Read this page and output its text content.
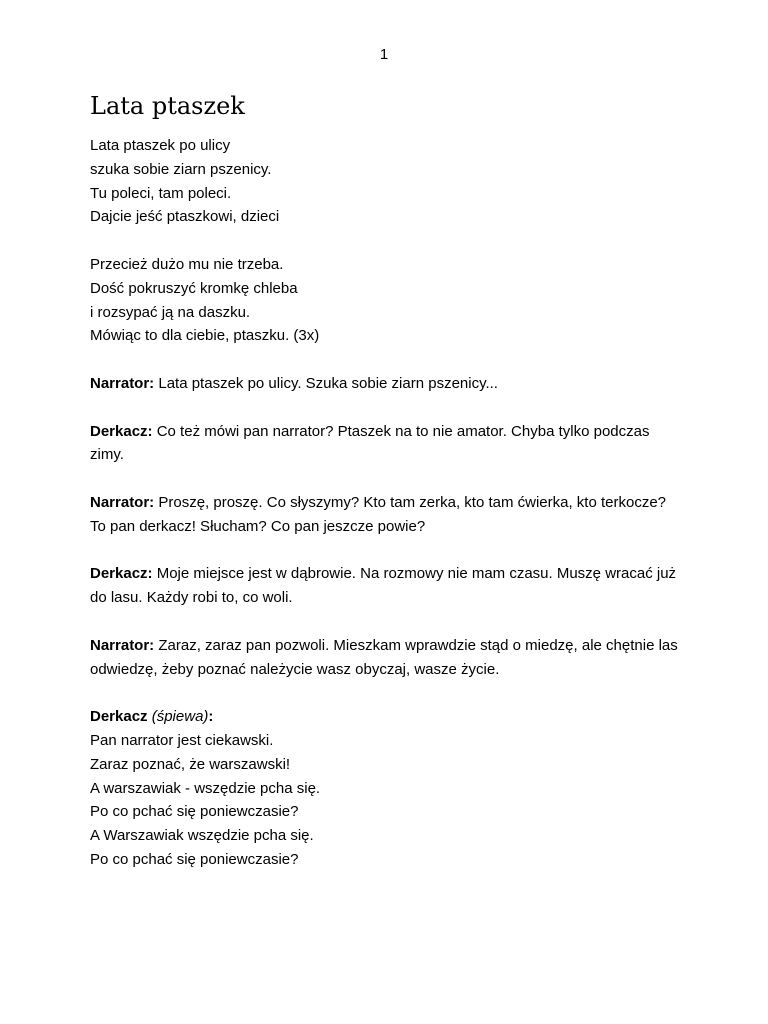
1
Lata ptaszek
Lata ptaszek po ulicy
szuka sobie ziarn pszenicy.
Tu poleci, tam poleci.
Dajcie jeść ptaszkowi, dzieci
Przecież dużo mu nie trzeba.
Dość pokruszyć kromkę chleba
i rozsypać ją na daszku.
Mówiąc to dla ciebie, ptaszku. (3x)

Narrator: Lata ptaszek po ulicy. Szuka sobie ziarn pszenicy...

Derkacz: Co też mówi pan narrator? Ptaszek na to nie amator. Chyba tylko podczas zimy.

Narrator: Proszę, proszę. Co słyszymy? Kto tam zerka, kto tam ćwierka, kto terkocze? To pan derkacz! Słucham? Co pan jeszcze powie?

Derkacz: Moje miejsce jest w dąbrowie. Na rozmowy nie mam czasu. Muszę wracać już do lasu. Każdy robi to, co woli.

Narrator: Zaraz, zaraz pan pozwoli. Mieszkam wprawdzie stąd o miedzę, ale chętnie las odwiedzę, żeby poznać należycie wasz obyczaj, wasze życie.

Derkacz (śpiewa):
Pan narrator jest ciekawski.
Zaraz poznać, że warszawski!
A warszawiak - wszędzie pcha się.
Po co pchać się poniewczasie?
A Warszawiak wszędzie pcha się.
Po co pchać się poniewczasie?
